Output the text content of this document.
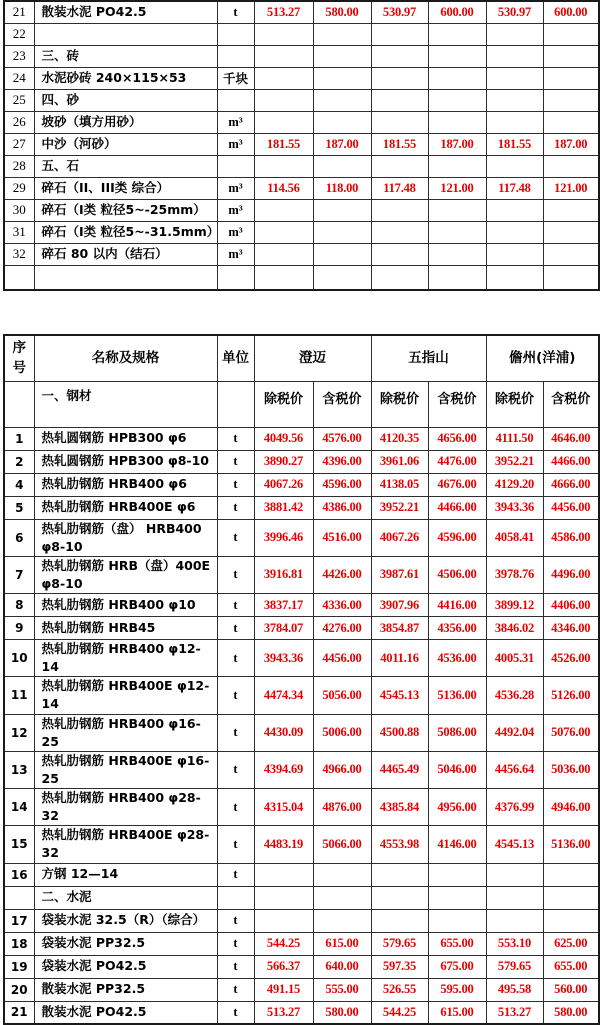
21	散装水泥 PO42.5	t	513.27	580.00	530.97	600.00	530.97	600.00
22								
23	三、砖							
24	水泥砂砖 240×115×53	千块						
25	四、砂							
26	坡砂（填方用砂）	m³						
27	中沙（河砂）	m³	181.55	187.00	181.55	187.00	181.55	187.00
28	五、石							
29	碎石（II、III类 综合）	m³	114.56	118.00	117.48	121.00	117.48	121.00
30	碎石（I类 粒径5~-25mm）	m³						
31	碎石（I类 粒径5~-31.5mm）	m³						
32	碎石 80 以内（结石）	m³						

序号	名称及规格	单位	澄迈		五指山		儋州(洋浦)	
	一、钢材		除税价	含税价	除税价	含税价	除税价	含税价
1	热轧圆钢筋 HPB300 φ6	t	4049.56	4576.00	4120.35	4656.00	4111.50	4646.00
2	热轧圆钢筋 HPB300 φ8-10	t	3890.27	4396.00	3961.06	4476.00	3952.21	4466.00
4	热轧肋钢筋 HRB400 φ6	t	4067.26	4596.00	4138.05	4676.00	4129.20	4666.00
5	热轧肋钢筋 HRB400E φ6	t	3881.42	4386.00	3952.21	4466.00	3943.36	4456.00
6	热轧肋钢筋（盘） HRB400 φ8-10	t	3996.46	4516.00	4067.26	4596.00	4058.41	4586.00
7	热轧肋钢筋 HRB（盘）400E φ8-10	t	3916.81	4426.00	3987.61	4506.00	3978.76	4496.00
8	热轧肋钢筋 HRB400 φ10	t	3837.17	4336.00	3907.96	4416.00	3899.12	4406.00
9	热轧肋钢筋 HRB45	t	3784.07	4276.00	3854.87	4356.00	3846.02	4346.00
10	热轧肋钢筋 HRB400 φ12-14	t	3943.36	4456.00	4011.16	4536.00	4005.31	4526.00
11	热轧肋钢筋 HRB400E φ12-14	t	4474.34	5056.00	4545.13	5136.00	4536.28	5126.00
12	热轧肋钢筋 HRB400 φ16-25	t	4430.09	5006.00	4500.88	5086.00	4492.04	5076.00
13	热轧肋钢筋 HRB400E φ16-25	t	4394.69	4966.00	4465.49	5046.00	4456.64	5036.00
14	热轧肋钢筋 HRB400 φ28-32	t	4315.04	4876.00	4385.84	4956.00	4376.99	4946.00
15	热轧肋钢筋 HRB400E φ28-32	t	4483.19	5066.00	4553.98	4146.00	4545.13	5136.00
16	方钢 12—14	t						
	二、水泥							
17	袋装水泥 32.5（R）（综合）	t						
18	袋装水泥 PP32.5	t	544.25	615.00	579.65	655.00	553.10	625.00
19	袋装水泥 PO42.5	t	566.37	640.00	597.35	675.00	579.65	655.00
20	散装水泥 PP32.5	t	491.15	555.00	526.55	595.00	495.58	560.00
21	散装水泥 PO42.5	t	513.27	580.00	544.25	615.00	513.27	580.00
